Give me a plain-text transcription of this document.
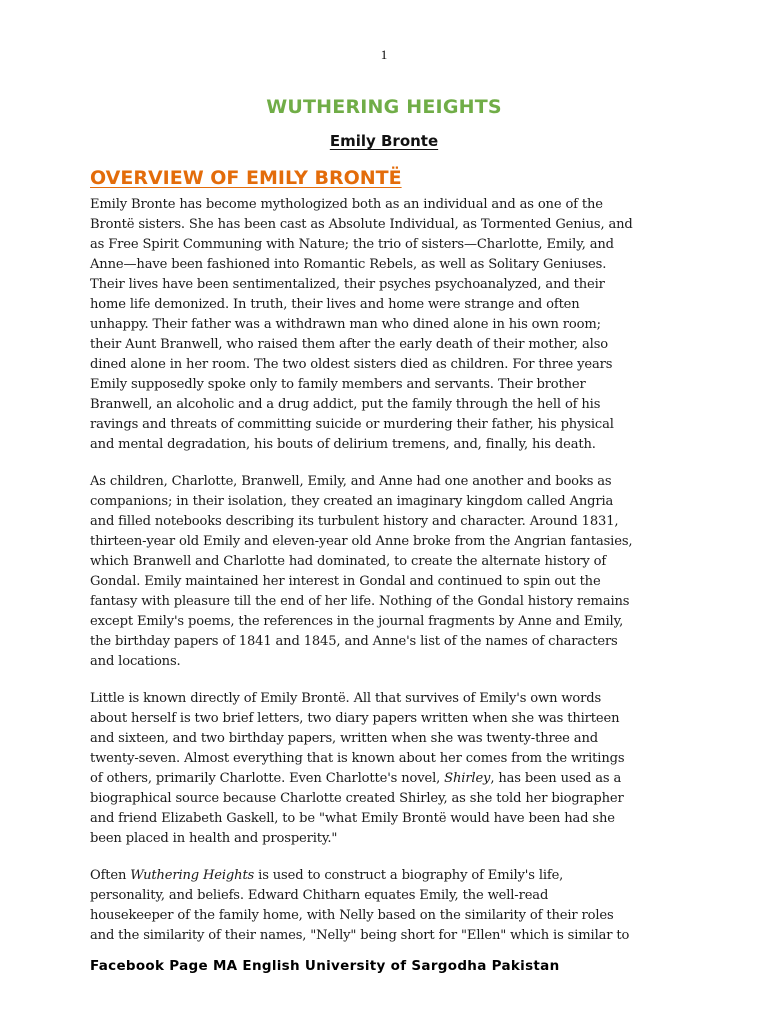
1
WUTHERING HEIGHTS
Emily Bronte
OVERVIEW OF EMILY BRONTË
Emily Bronte has become mythologized both as an individual and as one of the
Brontë sisters. She has been cast as Absolute Individual, as Tormented Genius, and
as Free Spirit Communing with Nature; the trio of sisters—Charlotte, Emily, and
Anne—have been fashioned into Romantic Rebels, as well as Solitary Geniuses.
Their lives have been sentimentalized, their psyches psychoanalyzed, and their
home life demonized. In truth, their lives and home were strange and often
unhappy. Their father was a withdrawn man who dined alone in his own room;
their Aunt Branwell, who raised them after the early death of their mother, also
dined alone in her room. The two oldest sisters died as children. For three years
Emily supposedly spoke only to family members and servants. Their brother
Branwell, an alcoholic and a drug addict, put the family through the hell of his
ravings and threats of committing suicide or murdering their father, his physical
and mental degradation, his bouts of delirium tremens, and, finally, his death.
As children, Charlotte, Branwell, Emily, and Anne had one another and books as
companions; in their isolation, they created an imaginary kingdom called Angria
and filled notebooks describing its turbulent history and character. Around 1831,
thirteen-year old Emily and eleven-year old Anne broke from the Angrian fantasies,
which Branwell and Charlotte had dominated, to create the alternate history of
Gondal. Emily maintained her interest in Gondal and continued to spin out the
fantasy with pleasure till the end of her life. Nothing of the Gondal history remains
except Emily's poems, the references in the journal fragments by Anne and Emily,
the birthday papers of 1841 and 1845, and Anne's list of the names of characters
and locations.
Little is known directly of Emily Brontë. All that survives of Emily's own words
about herself is two brief letters, two diary papers written when she was thirteen
and sixteen, and two birthday papers, written when she was twenty-three and
twenty-seven. Almost everything that is known about her comes from the writings
of others, primarily Charlotte. Even Charlotte's novel, Shirley, has been used as a
biographical source because Charlotte created Shirley, as she told her biographer
and friend Elizabeth Gaskell, to be "what Emily Brontë would have been had she
been placed in health and prosperity."
Often Wuthering Heights is used to construct a biography of Emily's life,
personality, and beliefs. Edward Chitharn equates Emily, the well-read
housekeeper of the family home, with Nelly based on the similarity of their roles
and the similarity of their names, "Nelly" being short for "Ellen" which is similar to
Facebook Page MA English University of Sargodha Pakistan
